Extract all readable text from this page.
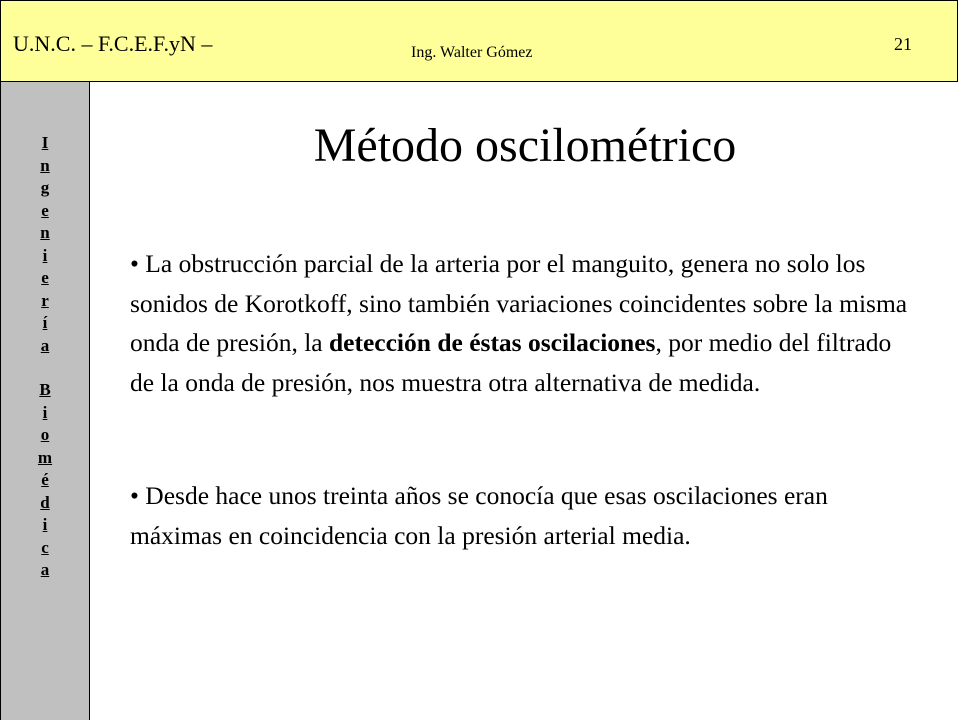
U.N.C. – F.C.E.F.yN –	Ing. Walter Gómez	21
I
n
g
e
n
i
e
r
í
a
B
i
o
m
é
d
i
c
a
Método oscilométrico
• La obstrucción parcial de la arteria por el manguito, genera no solo los sonidos de Korotkoff, sino también variaciones coincidentes sobre la misma onda de presión, la detección de éstas oscilaciones, por medio del filtrado de la onda de presión, nos muestra otra alternativa de medida.
• Desde hace unos treinta años se conocía que esas oscilaciones eran máximas en coincidencia con la presión arterial media.
